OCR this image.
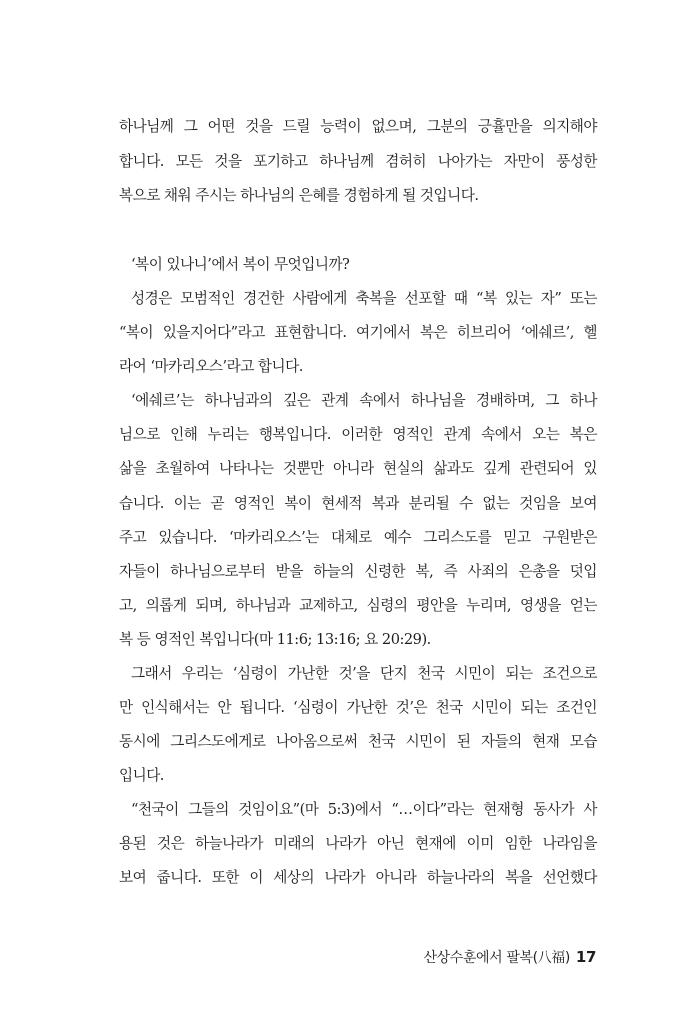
하나님께 그 어떤 것을 드릴 능력이 없으며, 그분의 긍휼만을 의지해야

합니다. 모든 것을 포기하고 하나님께 겸허히 나아가는 자만이 풍성한

복으로 채워 주시는 하나님의 은혜를 경험하게 될 것입니다.

‘복이 있나니’에서 복이 무엇입니까?

성경은 모범적인 경건한 사람에게 축복을 선포할 때 “복 있는 자” 또는

“복이 있을지어다”라고 표현합니다. 여기에서 복은 히브리어 ‘에쉐르’, 헬

라어 ‘마카리오스’라고 합니다.

‘에쉐르’는 하나님과의 깊은 관계 속에서 하나님을 경배하며, 그 하나

님으로 인해 누리는 행복입니다. 이러한 영적인 관계 속에서 오는 복은

삶을 초월하여 나타나는 것뿐만 아니라 현실의 삶과도 깊게 관련되어 있

습니다. 이는 곧 영적인 복이 현세적 복과 분리될 수 없는 것임을 보여

주고 있습니다. ‘마카리오스’는 대체로 예수 그리스도를 믿고 구원받은

자들이 하나님으로부터 받을 하늘의 신령한 복, 즉 사죄의 은총을 덧입

고, 의롭게 되며, 하나님과 교제하고, 심령의 평안을 누리며, 영생을 얻는

복 등 영적인 복입니다(마 11:6; 13:16; 요 20:29).

그래서 우리는 ‘심령이 가난한 것’을 단지 천국 시민이 되는 조건으로

만 인식해서는 안 됩니다. ‘심령이 가난한 것’은 천국 시민이 되는 조건인

동시에 그리스도에게로 나아옴으로써 천국 시민이 된 자들의 현재 모습

입니다.

“천국이 그들의 것임이요”(마 5:3)에서 “…이다”라는 현재형 동사가 사

용된 것은 하늘나라가 미래의 나라가 아닌 현재에 이미 임한 나라임을

보여 줍니다. 또한 이 세상의 나라가 아니라 하늘나라의 복을 선언했다

산상수훈에서 팔복(八福) 17
